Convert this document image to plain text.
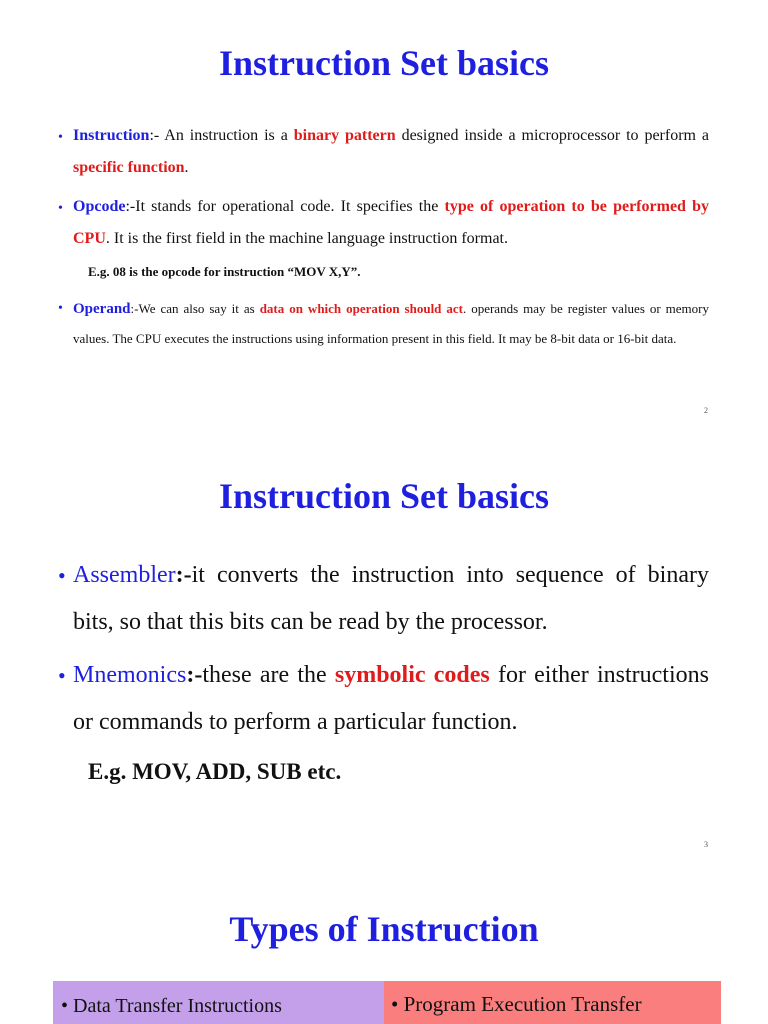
Instruction Set basics
• Instruction:- An instruction is a binary pattern designed inside a microprocessor to perform a specific function.

• Opcode:-It stands for operational code. It specifies the type of operation to be performed by CPU. It is the first field in the machine language instruction format.

E.g. 08 is the opcode for instruction “MOV X,Y”.

• Operand:-We can also say it as data on which operation should act. operands may be register values or memory values. The CPU executes the instructions using information present in this field. It may be 8-bit data or 16-bit data.

2
Instruction Set basics
• Assembler:-it converts the instruction into sequence of binary bits, so that this bits can be read by the processor.

• Mnemonics:-these are the symbolic codes for either instructions or commands to perform a particular function.

E.g. MOV, ADD, SUB etc.

3
Types of Instruction
• Data Transfer Instructions	• Program Execution Transfer
